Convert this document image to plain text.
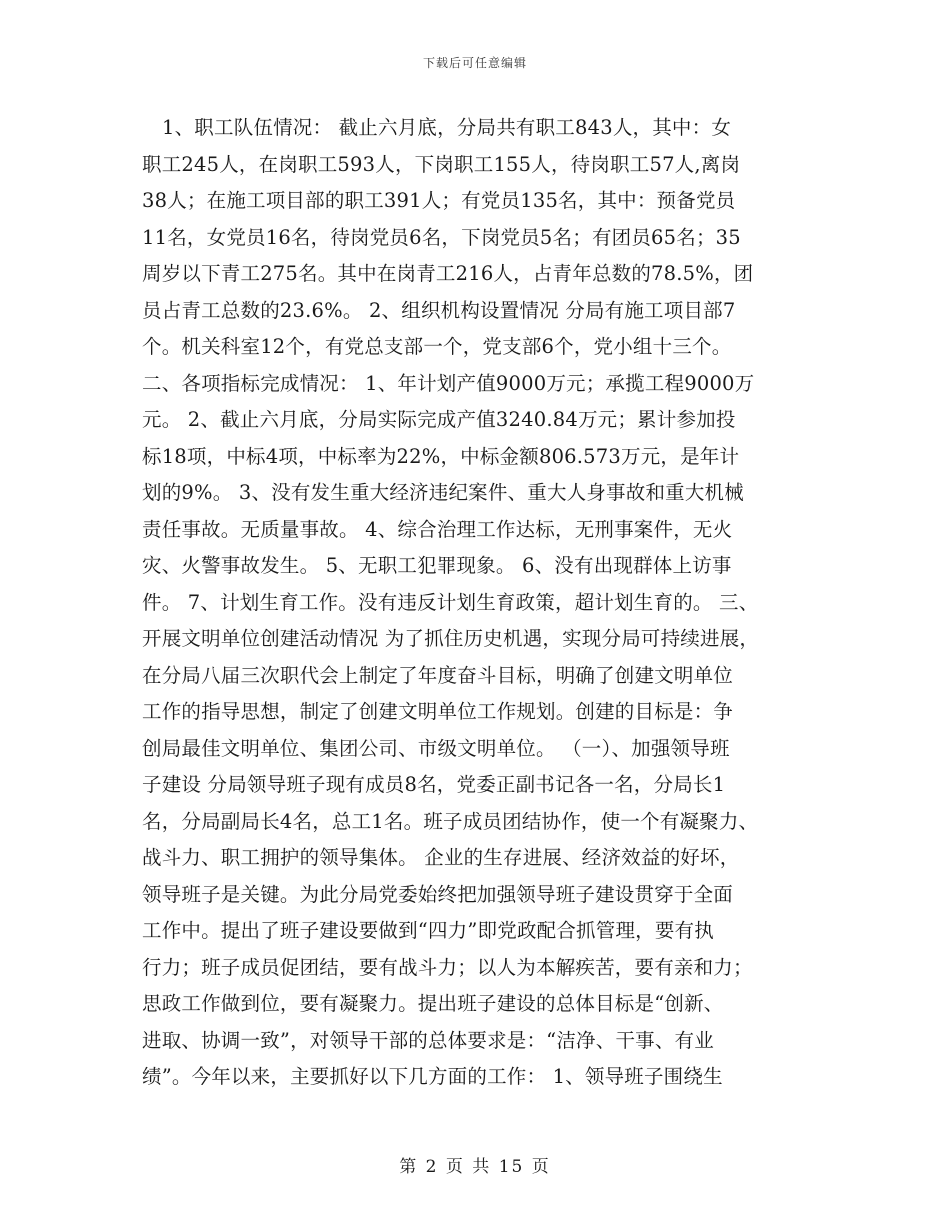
下载后可任意编辑
1、职工队伍情况： 截止六月底，分局共有职工843人，其中：女
职工245人，在岗职工593人，下岗职工155人，待岗职工57人,离岗
38人；在施工项目部的职工391人；有党员135名，其中：预备党员
11名，女党员16名，待岗党员6名，下岗党员5名；有团员65名；35
周岁以下青工275名。其中在岗青工216人，占青年总数的78.5%，团
员占青工总数的23.6%。 2、组织机构设置情况 分局有施工项目部7
个。机关科室12个，有党总支部一个，党支部6个，党小组十三个。
二、各项指标完成情况： 1、年计划产值9000万元；承揽工程9000万
元。 2、截止六月底，分局实际完成产值3240.84万元；累计参加投
标18项，中标4项，中标率为22%，中标金额806.573万元，是年计
划的9%。 3、没有发生重大经济违纪案件、重大人身事故和重大机械
责任事故。无质量事故。 4、综合治理工作达标，无刑事案件，无火
灾、火警事故发生。 5、无职工犯罪现象。 6、没有出现群体上访事
件。 7、计划生育工作。没有违反计划生育政策，超计划生育的。 三、
开展文明单位创建活动情况 为了抓住历史机遇，实现分局可持续进展，
在分局八届三次职代会上制定了年度奋斗目标，明确了创建文明单位
工作的指导思想，制定了创建文明单位工作规划。创建的目标是：争
创局最佳文明单位、集团公司、市级文明单位。 （一）、加强领导班
子建设 分局领导班子现有成员8名，党委正副书记各一名，分局长1
名，分局副局长4名，总工1名。班子成员团结协作，使一个有凝聚力、
战斗力、职工拥护的领导集体。 企业的生存进展、经济效益的好坏，
领导班子是关键。为此分局党委始终把加强领导班子建设贯穿于全面
工作中。提出了班子建设要做到“四力”即党政配合抓管理，要有执
行力；班子成员促团结，要有战斗力；以人为本解疾苦，要有亲和力；
思政工作做到位，要有凝聚力。提出班子建设的总体目标是“创新、
进取、协调一致”，对领导干部的总体要求是：“洁净、干事、有业
绩”。今年以来，主要抓好以下几方面的工作： 1、领导班子围绕生
第 2 页 共 15 页
